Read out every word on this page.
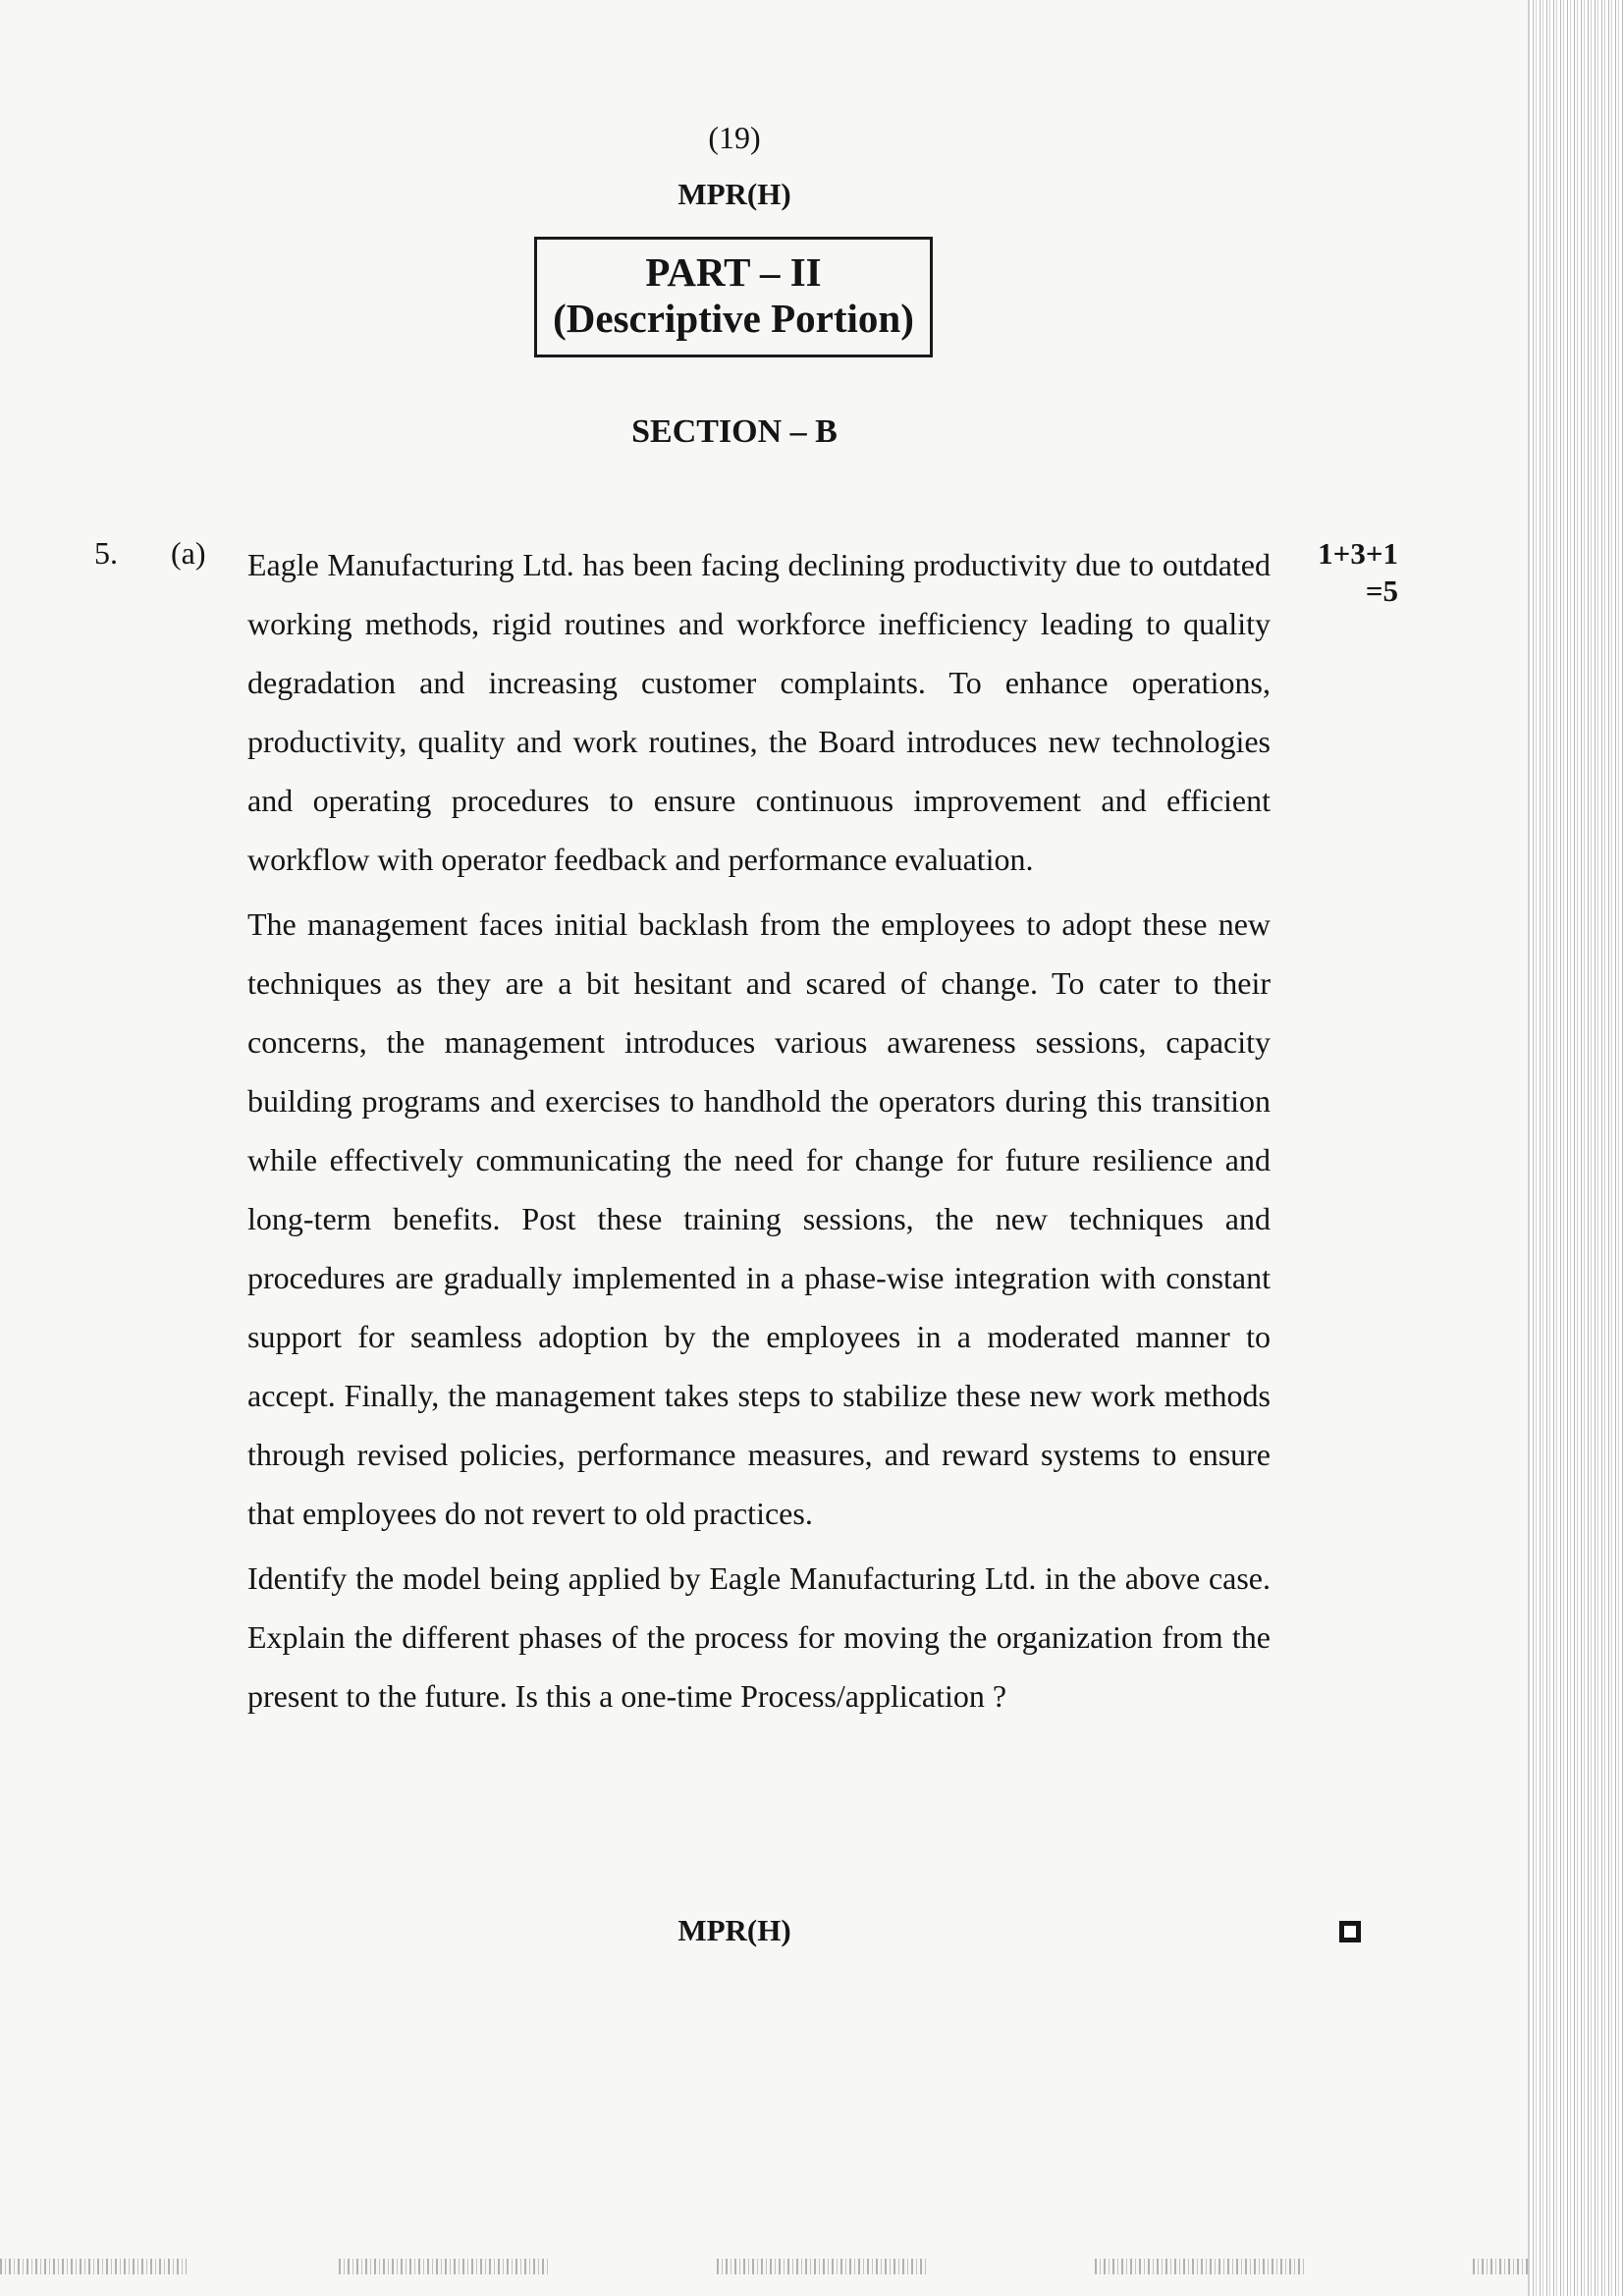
(19)
MPR(H)
PART – II
(Descriptive Portion)
SECTION – B
5. (a) Eagle Manufacturing Ltd. has been facing declining productivity due to outdated working methods, rigid routines and workforce inefficiency leading to quality degradation and increasing customer complaints. To enhance operations, productivity, quality and work routines, the Board introduces new technologies and operating procedures to ensure continuous improvement and efficient workflow with operator feedback and performance evaluation.

The management faces initial backlash from the employees to adopt these new techniques as they are a bit hesitant and scared of change. To cater to their concerns, the management introduces various awareness sessions, capacity building programs and exercises to handhold the operators during this transition while effectively communicating the need for change for future resilience and long-term benefits. Post these training sessions, the new techniques and procedures are gradually implemented in a phase-wise integration with constant support for seamless adoption by the employees in a moderated manner to accept. Finally, the management takes steps to stabilize these new work methods through revised policies, performance measures, and reward systems to ensure that employees do not revert to old practices.

Identify the model being applied by Eagle Manufacturing Ltd. in the above case. Explain the different phases of the process for moving the organization from the present to the future. Is this a one-time Process/application ?

1+3+1
=5
MPR(H)
